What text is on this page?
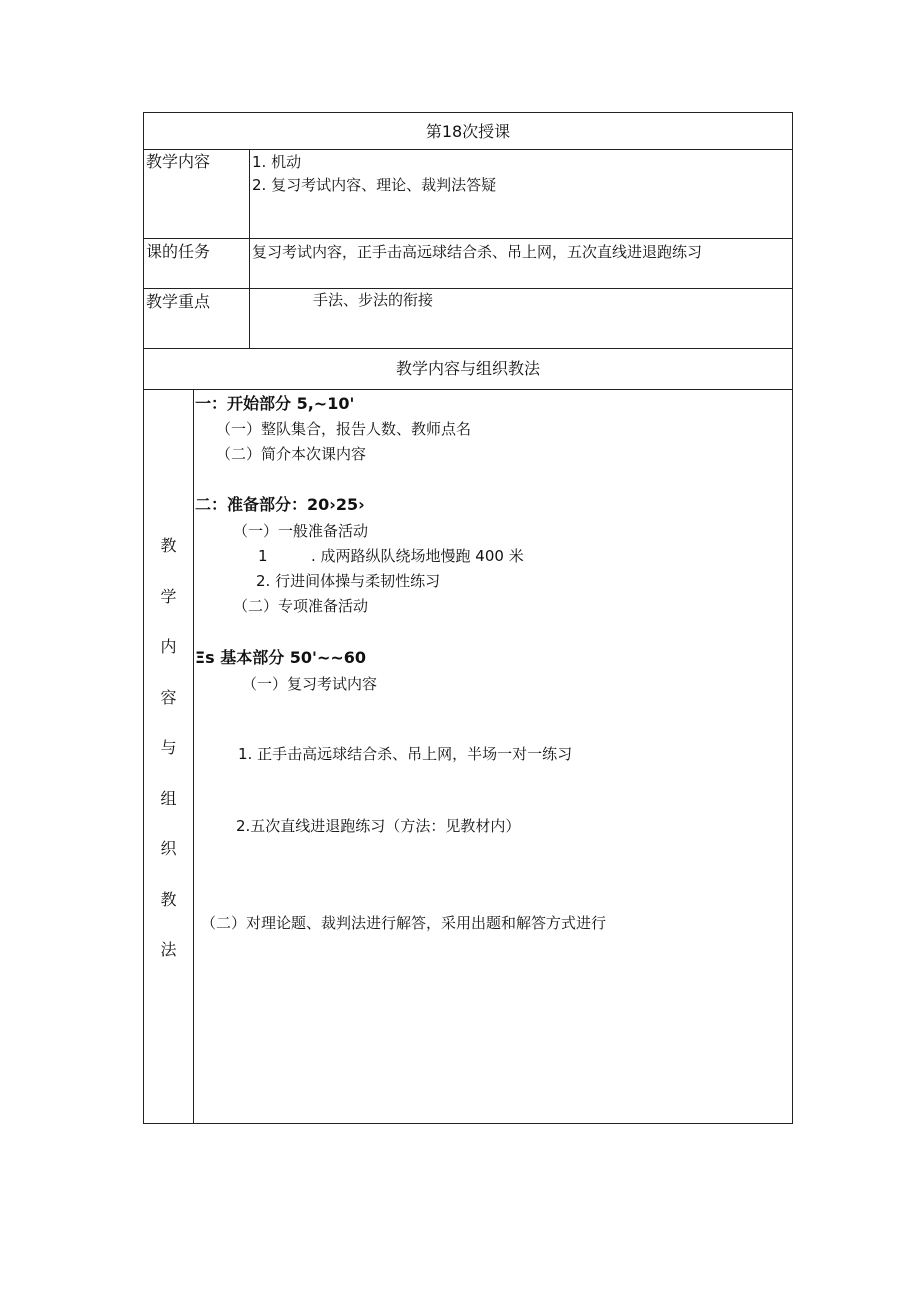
第18次授课
教学内容	1. 机动
2. 复习考试内容、理论、裁判法答疑
课的任务	复习考试内容，正手击高远球结合杀、吊上网，五次直线进退跑练习
教学重点	手法、步法的衔接
教学内容与组织教法
教
学
内
容
与
组
织
教
法
一：开始部分 5,~10'
（一）整队集合，报告人数、教师点名
（二）简介本次课内容
二：准备部分：20›25›
（一）一般准备活动
1	. 成两路纵队绕场地慢跑 400 米
2. 行进间体操与柔韧性练习
（二）专项准备活动
Ξs 基本部分 50'~~60
（一）复习考试内容
1. 正手击高远球结合杀、吊上网，半场一对一练习
2.五次直线进退跑练习（方法：见教材内）
（二）对理论题、裁判法进行解答，采用出题和解答方式进行
